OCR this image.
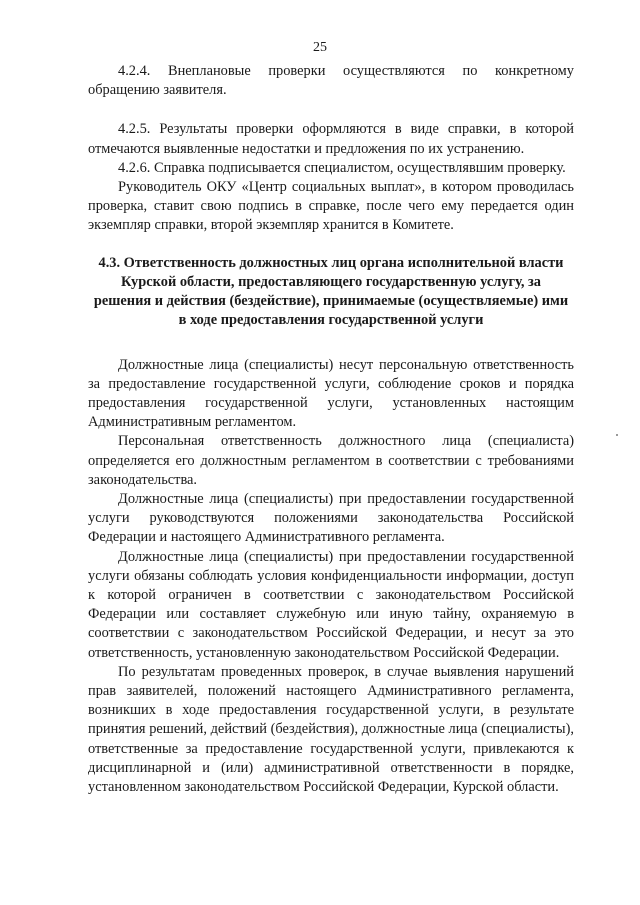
25

4.2.4. Внеплановые проверки осуществляются по конкретному обращению заявителя.

4.2.5. Результаты проверки оформляются в виде справки, в которой отмечаются выявленные недостатки и предложения по их устранению.

4.2.6. Справка подписывается специалистом, осуществлявшим проверку.

Руководитель ОКУ «Центр социальных выплат», в котором проводилась проверка, ставит свою подпись в справке, после чего ему передается один экземпляр справки, второй экземпляр хранится в Комитете.

4.3. Ответственность должностных лиц органа исполнительной власти Курской области, предоставляющего государственную услугу, за решения и действия (бездействие), принимаемые (осуществляемые) ими в ходе предоставления государственной услуги

Должностные лица (специалисты) несут персональную ответственность за предоставление государственной услуги, соблюдение сроков и порядка предоставления государственной услуги, установленных настоящим Административным регламентом.

Персональная ответственность должностного лица (специалиста) определяется его должностным регламентом в соответствии с требованиями законодательства.

Должностные лица (специалисты) при предоставлении государственной услуги руководствуются положениями законодательства Российской Федерации и настоящего Административного регламента.

Должностные лица (специалисты) при предоставлении государственной услуги обязаны соблюдать условия конфиденциальности информации, доступ к которой ограничен в соответствии с законодательством Российской Федерации или составляет служебную или иную тайну, охраняемую в соответствии с законодательством Российской Федерации, и несут за это ответственность, установленную законодательством Российской Федерации.

По результатам проведенных проверок, в случае выявления нарушений прав заявителей, положений настоящего Административного регламента, возникших в ходе предоставления государственной услуги, в результате принятия решений, действий (бездействия), должностные лица (специалисты), ответственные за предоставление государственной услуги, привлекаются к дисциплинарной и (или) административной ответственности в порядке, установленном законодательством Российской Федерации, Курской области.
